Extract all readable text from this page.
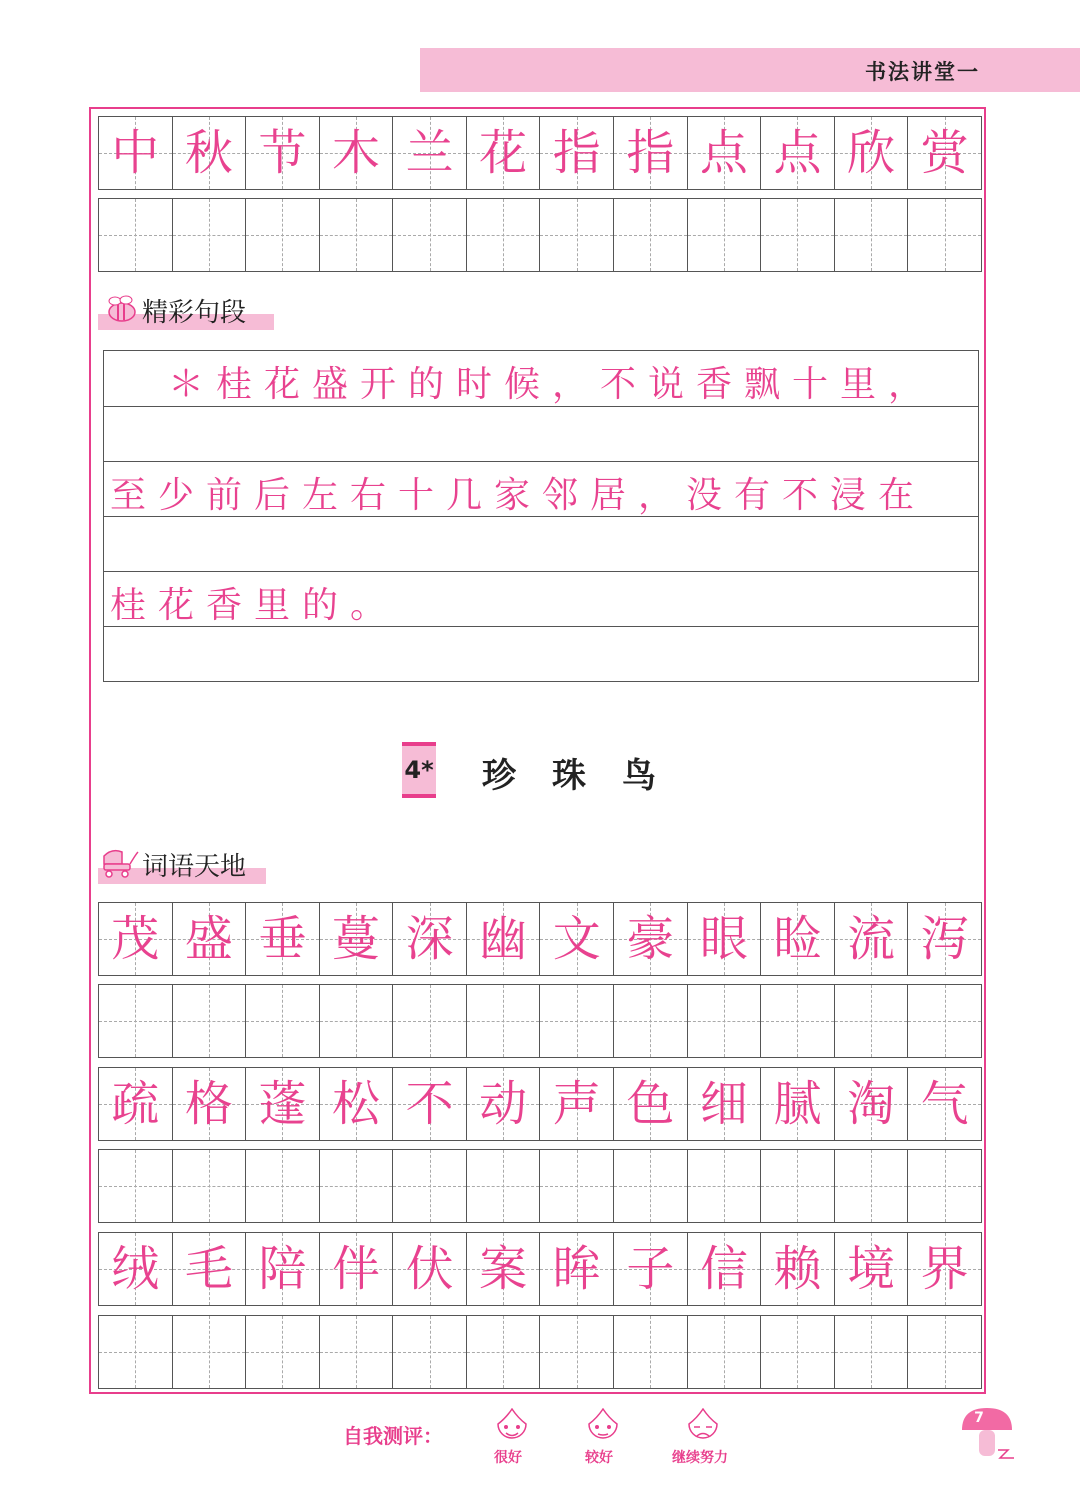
书法讲堂一
中 秋 节 木 兰 花 指 指 点 点 欣 赏
茂 盛 垂 蔓 深 幽 文 豪 眼 睑 流 泻
疏 格 蓬 松 不 动 声 色 细 腻 淘 气
绒 毛 陪 伴 伏 案 眸 子 信 赖 境 界
精彩句段
＊桂花盛开的时候，不说香飘十里，
至少前后左右十几家邻居，没有不浸在
桂花香里的。
4* 珍珠鸟
词语天地
自我测评：
很好	较好	继续努力
7
